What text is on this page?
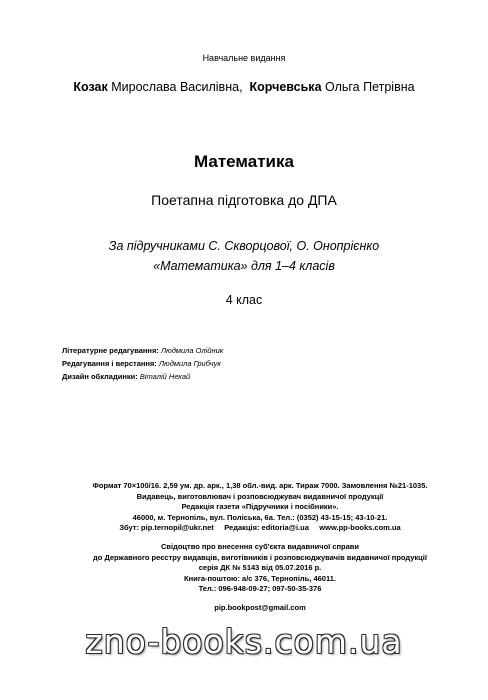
Навчальне видання
Козак Мирослава Василівна,  Корчевська Ольга Петрівна
Математика
Поетапна підготовка до ДПА
За підручниками С. Скворцової, О. Онопрієнко
«Математика» для 1–4 класів
4 клас
Літературне редагування: Людмила Олійник
Редагування і верстання: Людмила Грибчук
Дизайн обкладинки: Віталій Нехай
Формат 70×100/16. 2,59 ум. др. арк., 1,38 обл.-вид. арк. Тираж 7000. Замовлення №21-1035.
Видавець, виготовлювач і розповсюджувач видавничої продукції
Редакція газети «Підручники і посібники».
46000, м. Тернопіль, вул. Поліська, 6а. Тел.: (0352) 43-15-15; 43-10-21.
Збут: pip.ternopil@ukr.net     Редакція: editoria@i.ua     www.pp-books.com.ua
Свідоцтво про внесення суб'єкта видавничої справи
до Державного реєстру видавців, виготівників і розповсюджувачів видавничої продукції
серія ДК № 5143 від 05.07.2016 р.
Книга-поштою: а/с 376, Тернопіль, 46011.
Тел.: 096-948-09-27; 097-50-35-376
pip.bookpost@gmail.com
zno-books.com.ua
